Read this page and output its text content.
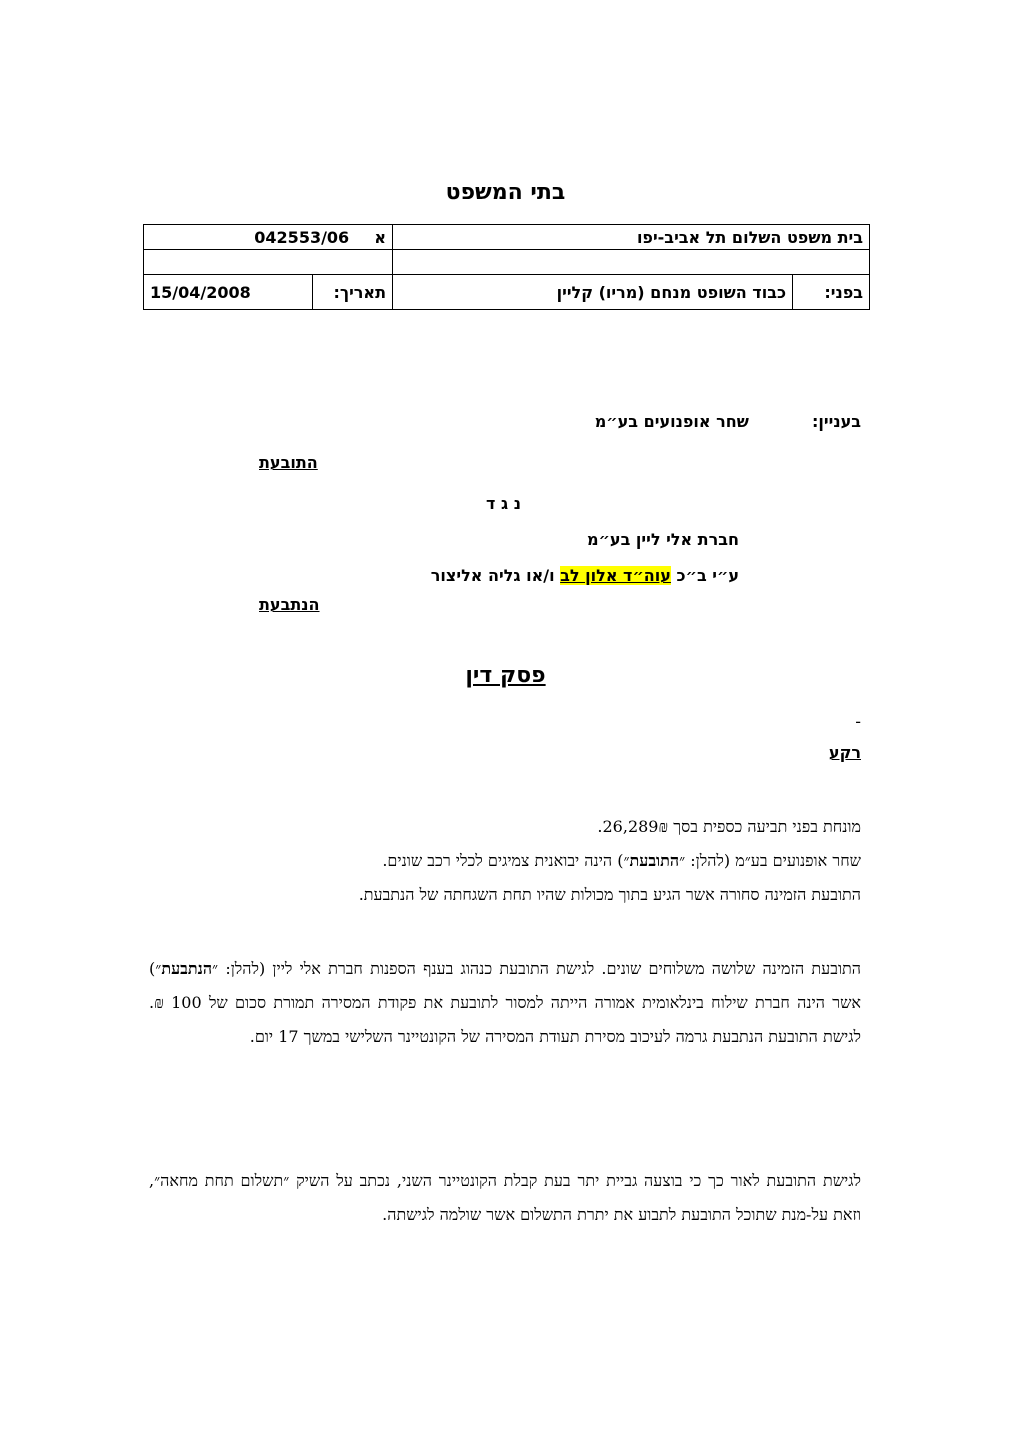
בתי המשפט
בית משפט השלום תל אביב-יפו		א  042553/06	

בפני:	כבוד השופט מנחם (מריו) קליין	תאריך:	15/04/2008
בעניין:  שחר אופנועים בע״מ
נ ג ד
חברת אלי ליין בע״מ
ע״י ב״כ עוה״ד אלון לב ו/או גליה אליצור
התובעת
הנתבעת
פסק דין
-
רקע

מונחת בפני תביעה כספית בסך 26,289₪.

שחר אופנועים בע״מ (להלן: ״התובעת״) הינה יבואנית צמיגים לכלי רכב שונים.

התובעת הזמינה סחורה אשר הגיע בתוך מכולות שהיו תחת השגחתה של הנתבעת.

התובעת הזמינה שלושה משלוחים שונים. לגישת התובעת כנהוג בענף הספנות חברת אלי ליין (להלן: ״הנתבעת״) אשר הינה חברת שילוח בינלאומית אמורה הייתה למסור לתובעת את פקודת המסירה תמורת סכום של 100 ₪. לגישת התובעת הנתבעת גרמה לעיכוב מסירת תעודת המסירה של הקונטיינר השלישי במשך 17 יום.

לגישת התובעת לאור כך כי בוצעה גביית יתר בעת קבלת הקונטיינר השני, נכתב על השיק ״תשלום תחת מחאה״, וזאת על-מנת שתוכל התובעת לתבוע את יתרת התשלום אשר שולמה לגישתה.
